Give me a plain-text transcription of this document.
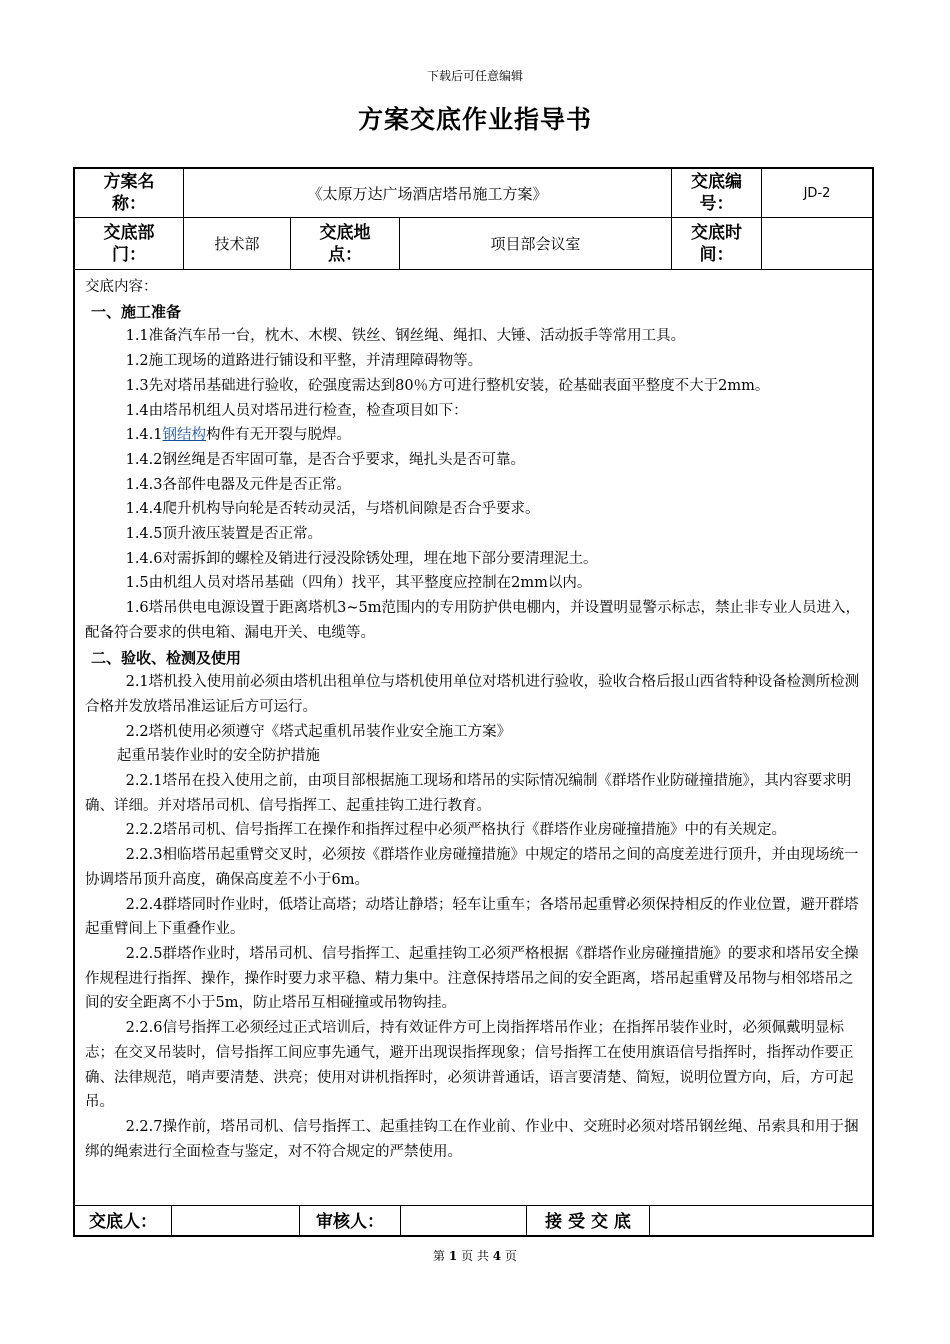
下载后可任意编辑
方案交底作业指导书
方案名称：
《太原万达广场酒店塔吊施工方案》
交底编号：
JD-2
交底部门：
技术部
交底地点：
项目部会议室
交底时间：

交底内容：

一、施工准备

1.1准备汽车吊一台，枕木、木楔、铁丝、钢丝绳、绳扣、大锤、活动扳手等常用工具。

1.2施工现场的道路进行铺设和平整，并清理障碍物等。

1.3先对塔吊基础进行验收，砼强度需达到80％方可进行整机安装，砼基础表面平整度不大于2mm。

1.4由塔吊机组人员对塔吊进行检查，检查项目如下：

1.4.1钢结构构件有无开裂与脱焊。

1.4.2钢丝绳是否牢固可靠，是否合乎要求，绳扎头是否可靠。

1.4.3各部件电器及元件是否正常。

1.4.4爬升机构导向轮是否转动灵活，与塔机间隙是否合乎要求。

1.4.5顶升液压装置是否正常。

1.4.6对需拆卸的螺栓及销进行浸没除锈处理，埋在地下部分要清理泥土。

1.5由机组人员对塔吊基础（四角）找平，其平整度应控制在2mm以内。

1.6塔吊供电电源设置于距离塔机3~5m范围内的专用防护供电棚内，并设置明显警示标志，禁止非专业人员进入，配备符合要求的供电箱、漏电开关、电缆等。

二、验收、检测及使用

2.1塔机投入使用前必须由塔机出租单位与塔机使用单位对塔机进行验收，验收合格后报山西省特种设备检测所检测合格并发放塔吊准运证后方可运行。

2.2塔机使用必须遵守《塔式起重机吊装作业安全施工方案》

起重吊装作业时的安全防护措施

2.2.1塔吊在投入使用之前，由项目部根据施工现场和塔吊的实际情况编制《群塔作业防碰撞措施》，其内容要求明确、详细。并对塔吊司机、信号指挥工、起重挂钩工进行教育。

2.2.2塔吊司机、信号指挥工在操作和指挥过程中必须严格执行《群塔作业房碰撞措施》中的有关规定。

2.2.3相临塔吊起重臂交叉时，必须按《群塔作业房碰撞措施》中规定的塔吊之间的高度差进行顶升，并由现场统一协调塔吊顶升高度，确保高度差不小于6m。

2.2.4群塔同时作业时，低塔让高塔；动塔让静塔；轻车让重车；各塔吊起重臂必须保持相反的作业位置，避开群塔起重臂间上下重叠作业。

2.2.5群塔作业时，塔吊司机、信号指挥工、起重挂钩工必须严格根据《群塔作业房碰撞措施》的要求和塔吊安全操作规程进行指挥、操作，操作时要力求平稳、精力集中。注意保持塔吊之间的安全距离，塔吊起重臂及吊物与相邻塔吊之间的安全距离不小于5m，防止塔吊互相碰撞或吊物钩挂。

2.2.6信号指挥工必须经过正式培训后，持有效证件方可上岗指挥塔吊作业；在指挥吊装作业时，必须佩戴明显标志；在交叉吊装时，信号指挥工间应事先通气，避开出现误指挥现象；信号指挥工在使用旗语信号指挥时，指挥动作要正确、法律规范，哨声要清楚、洪亮；使用对讲机指挥时，必须讲普通话，语言要清楚、简短，说明位置方向，后，方可起吊。

2.2.7操作前，塔吊司机、信号指挥工、起重挂钩工在作业前、作业中、交班时必须对塔吊钢丝绳、吊索具和用于捆绑的绳索进行全面检查与鉴定，对不符合规定的严禁使用。

交底人：	审核人：	接 受 交 底
第 1 页 共 4 页
